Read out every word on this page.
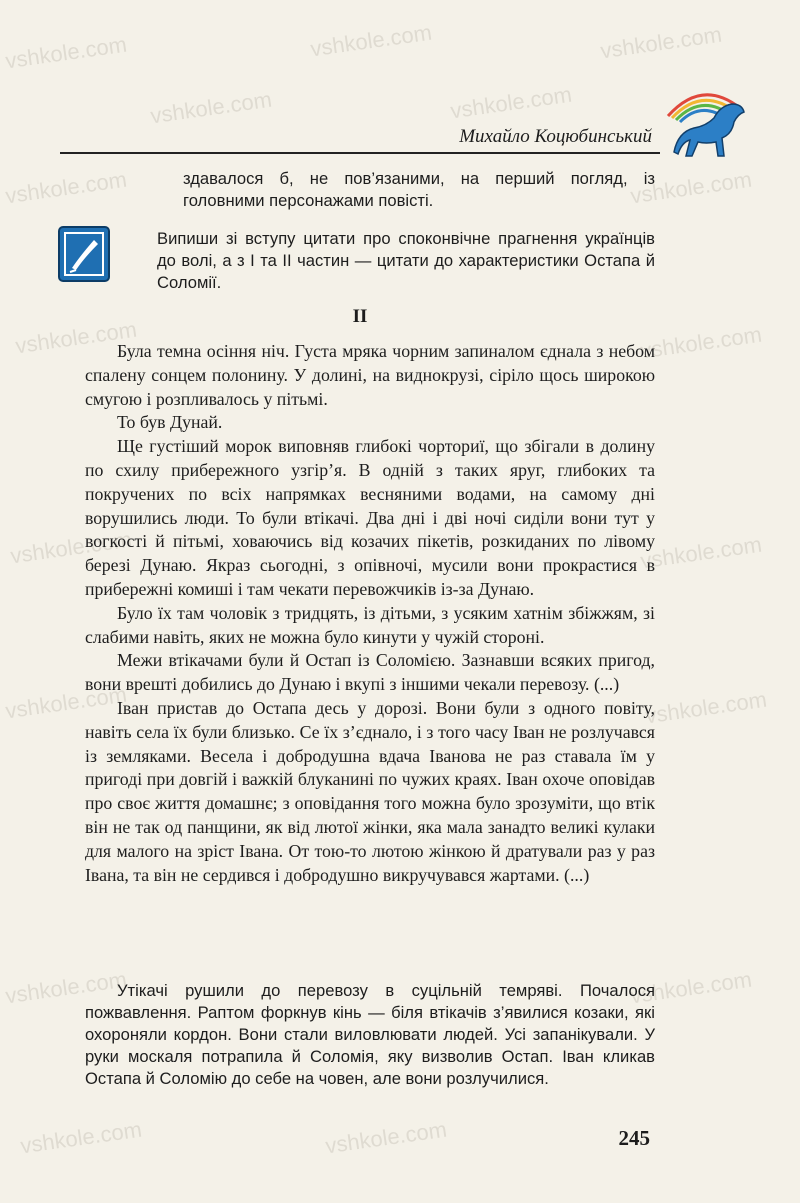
vshkole.com	vshkole.com	vshkole.com
vshkole.com	vshkole.com
vshkole.com	vshkole.com
vshkole.com	vshkole.com
vshkole.com	vshkole.com
vshkole.com	vshkole.com
vshkole.com	vshkole.com
vshkole.com	vshkole.com
Михайло Коцюбинський
здавалося б, не пов’язаними, на перший погляд, із головними персонажами повісті.
Випиши зі вступу цитати про споконвічне прагнення українців до волі, а з I та II частин — цитати до характеристики Остапа й Соломії.
II

Була темна осіння ніч. Густа мряка чорним запиналом єднала з небом спалену сонцем полонину. У долині, на виднокрузі, сіріло щось широкою смугою і розпливалось у пітьмі.

То був Дунай.

Ще густіший морок виповняв глибокі чорториї, що збігали в долину по схилу прибережного узгір’я. В одній з таких яруг, глибоких та покручених по всіх напрямках весняними водами, на самому дні ворушились люди. То були втікачі. Два дні і дві ночі сиділи вони тут у вогкості й пітьмі, ховаючись від козачих пікетів, розкиданих по лівому березі Дунаю. Якраз сьогодні, з опівночі, мусили вони прокрастися в прибережні комиші і там чекати перевожчиків із-за Дунаю.

Було їх там чоловік з тридцять, із дітьми, з усяким хатнім збіжжям, зі слабими навіть, яких не можна було кинути у чужій стороні.

Межи втікачами були й Остап із Соломією. Зазнавши всяких пригод, вони врешті добились до Дунаю і вкупі з іншими чекали перевозу. (...)

Іван пристав до Остапа десь у дорозі. Вони були з одного повіту, навіть села їх були близько. Се їх з’єднало, і з того часу Іван не розлучався із земляками. Весела і добродушна вдача Іванова не раз ставала їм у пригоді при довгій і важкій блуканині по чужих краях. Іван охоче оповідав про своє життя домашнє; з оповідання того можна було зрозуміти, що втік він не так од панщини, як від лютої жінки, яка мала занадто великі кулаки для малого на зріст Івана. От тою-то лютою жінкою й дратували раз у раз Івана, та він не сердився і добродушно викручувався жартами. (...)

Утікачі рушили до перевозу в суцільній темряві. Почалося пожвавлення. Раптом форкнув кінь — біля втікачів з’явилися козаки, які охороняли кордон. Вони стали виловлювати людей. Усі запанікували. У руки москаля потрапила й Соломія, яку визволив Остап. Іван кликав Остапа й Соломію до себе на човен, але вони розлучилися.

245
